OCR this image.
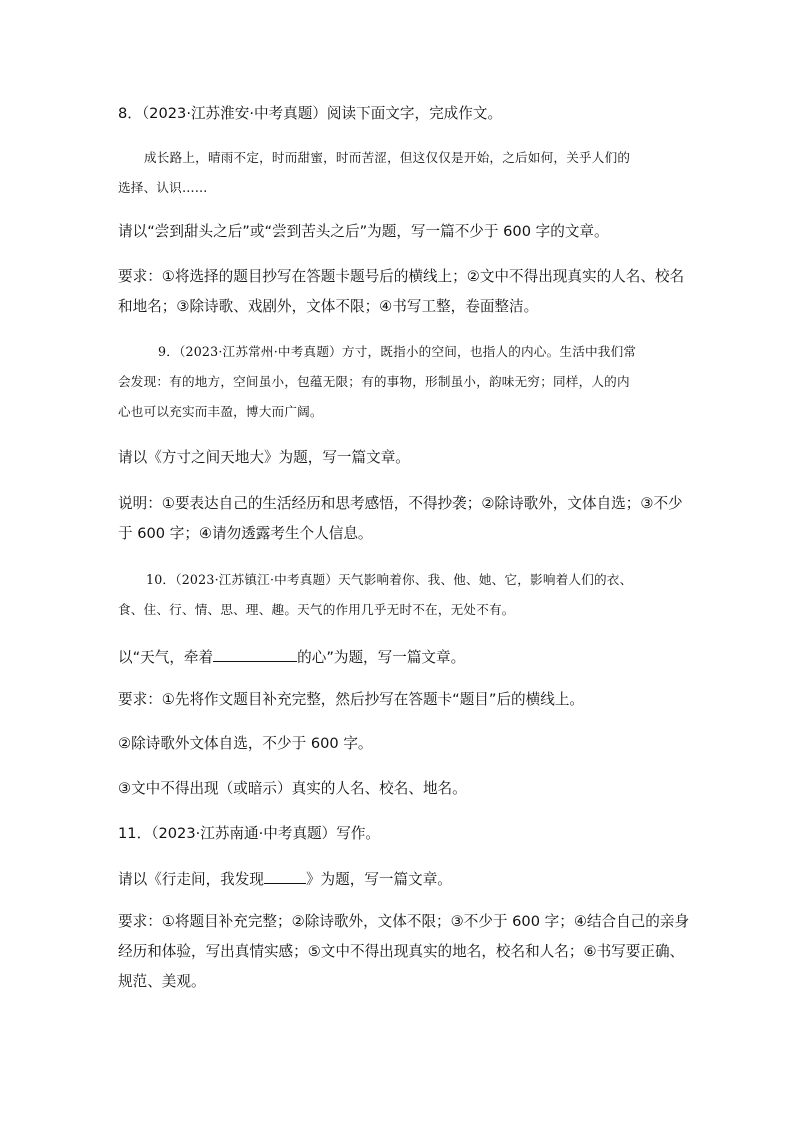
8．（2023·江苏淮安·中考真题）阅读下面文字，完成作文。
成长路上，晴雨不定，时而甜蜜，时而苦涩，但这仅仅是开始，之后如何，关乎人们的
选择、认识……
请以“尝到甜头之后”或“尝到苦头之后”为题，写一篇不少于 600 字的文章。
要求：①将选择的题目抄写在答题卡题号后的横线上；②文中不得出现真实的人名、校名
和地名；③除诗歌、戏剧外，文体不限；④书写工整，卷面整洁。
9．（2023·江苏常州·中考真题）方寸，既指小的空间，也指人的内心。生活中我们常
会发现：有的地方，空间虽小，包蕴无限；有的事物，形制虽小，韵味无穷；同样，人的内
心也可以充实而丰盈，博大而广阔。
请以《方寸之间天地大》为题，写一篇文章。
说明：①要表达自己的生活经历和思考感悟，不得抄袭；②除诗歌外，文体自选；③不少
于 600 字；④请勿透露考生个人信息。
10．（2023·江苏镇江·中考真题）天气影响着你、我、他、她、它，影响着人们的衣、
食、住、行、情、思、理、趣。天气的作用几乎无时不在，无处不有。
以“天气，牵着	的心”为题，写一篇文章。
要求：①先将作文题目补充完整，然后抄写在答题卡“题目”后的横线上。
②除诗歌外文体自选，不少于 600 字。
③文中不得出现（或暗示）真实的人名、校名、地名。
11．（2023·江苏南通·中考真题）写作。
请以《行走间，我发现	》为题，写一篇文章。
要求：①将题目补充完整；②除诗歌外，文体不限；③不少于 600 字；④结合自己的亲身
经历和体验，写出真情实感；⑤文中不得出现真实的地名，校名和人名；⑥书写要正确、
规范、美观。
